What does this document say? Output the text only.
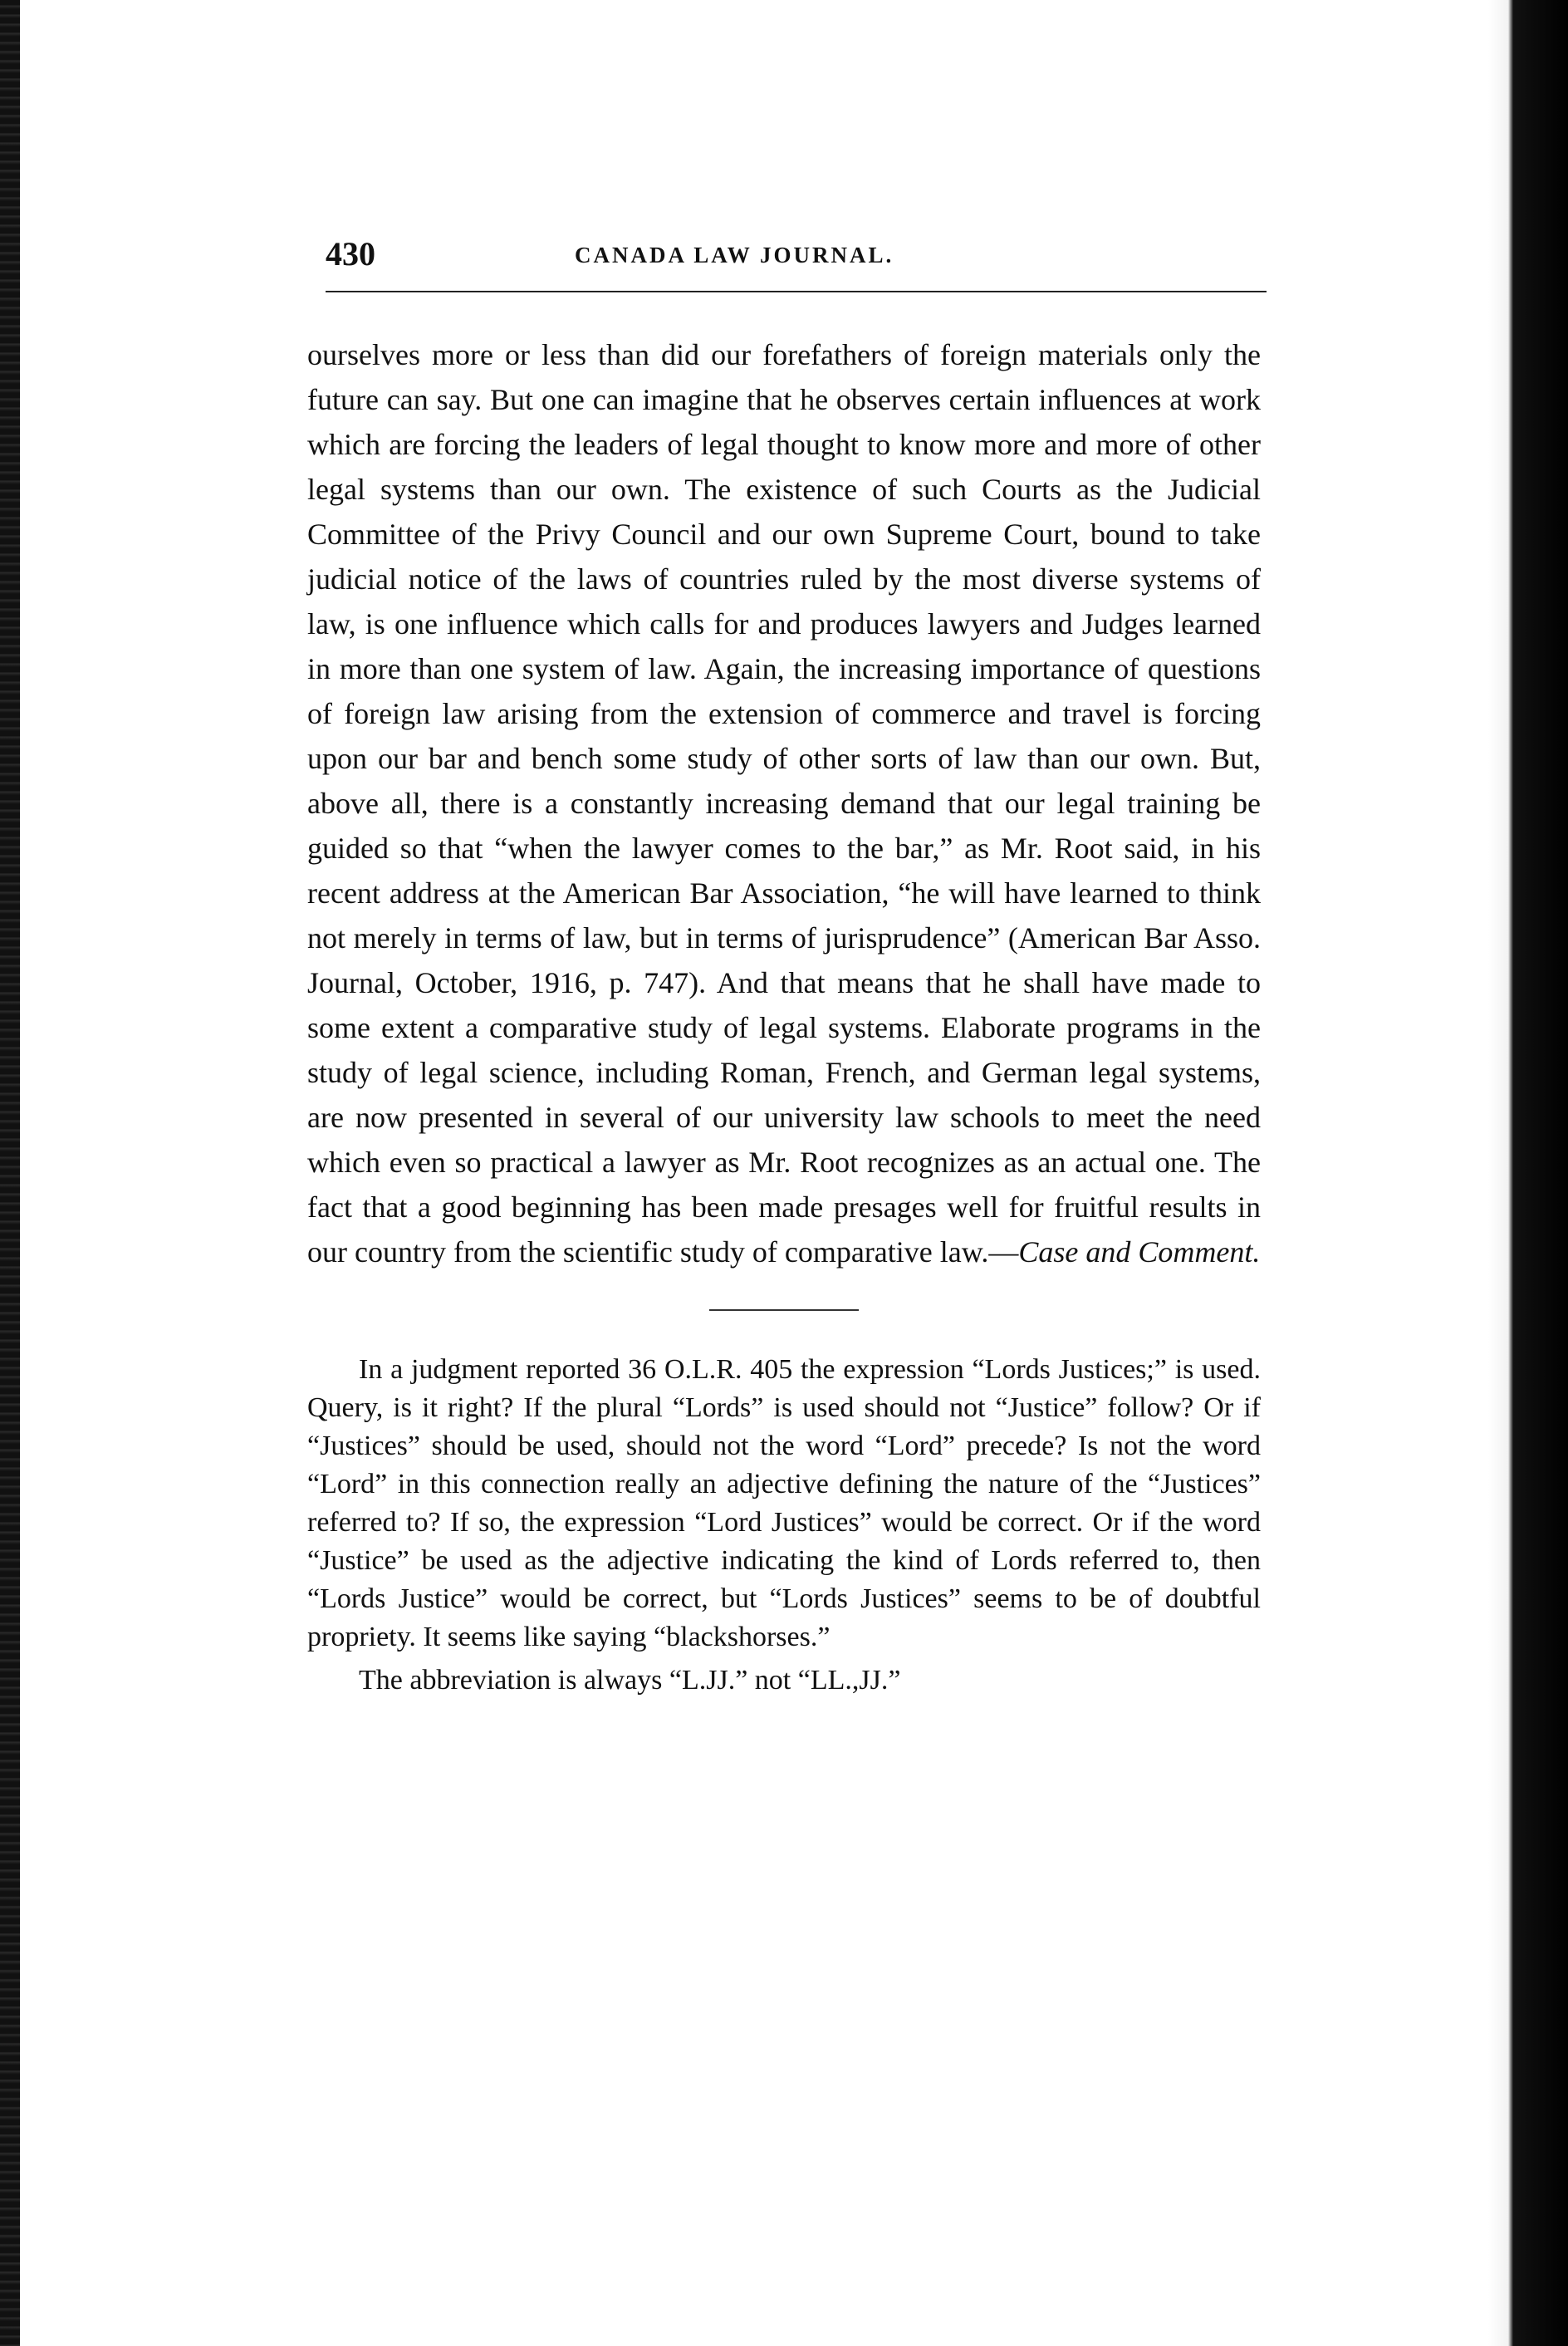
430	CANADA LAW JOURNAL.

ourselves more or less than did our forefathers of foreign materials only the future can say. But one can imagine that he observes certain influences at work which are forcing the leaders of legal thought to know more and more of other legal systems than our own. The existence of such Courts as the Judicial Committee of the Privy Council and our own Supreme Court, bound to take judicial notice of the laws of countries ruled by the most diverse systems of law, is one influence which calls for and produces lawyers and Judges learned in more than one system of law. Again, the increasing importance of questions of foreign law arising from the extension of commerce and travel is forcing upon our bar and bench some study of other sorts of law than our own. But, above all, there is a constantly increasing demand that our legal training be guided so that “when the lawyer comes to the bar,” as Mr. Root said, in his recent address at the American Bar Association, “he will have learned to think not merely in terms of law, but in terms of jurisprudence” (American Bar Asso. Journal, October, 1916, p. 747). And that means that he shall have made to some extent a comparative study of legal systems. Elaborate programs in the study of legal science, including Roman, French, and German legal systems, are now presented in several of our university law schools to meet the need which even so practical a lawyer as Mr. Root recognizes as an actual one. The fact that a good beginning has been made presages well for fruitful results in our country from the scientific study of comparative law.—Case and Comment.

In a judgment reported 36 O.L.R. 405 the expression “Lords Justices;” is used. Query, is it right? If the plural “Lords” is used should not “Justice” follow? Or if “Justices” should be used, should not the word “Lord” precede? Is not the word “Lord” in this connection really an adjective defining the nature of the “Justices” referred to? If so, the expression “Lord Justices” would be correct. Or if the word “Justice” be used as the adjective indicating the kind of Lords referred to, then “Lords Justice” would be correct, but “Lords Justices” seems to be of doubtful propriety. It seems like saying “blackshorses.”

The abbreviation is always “L.JJ.” not “LL.,JJ.”
